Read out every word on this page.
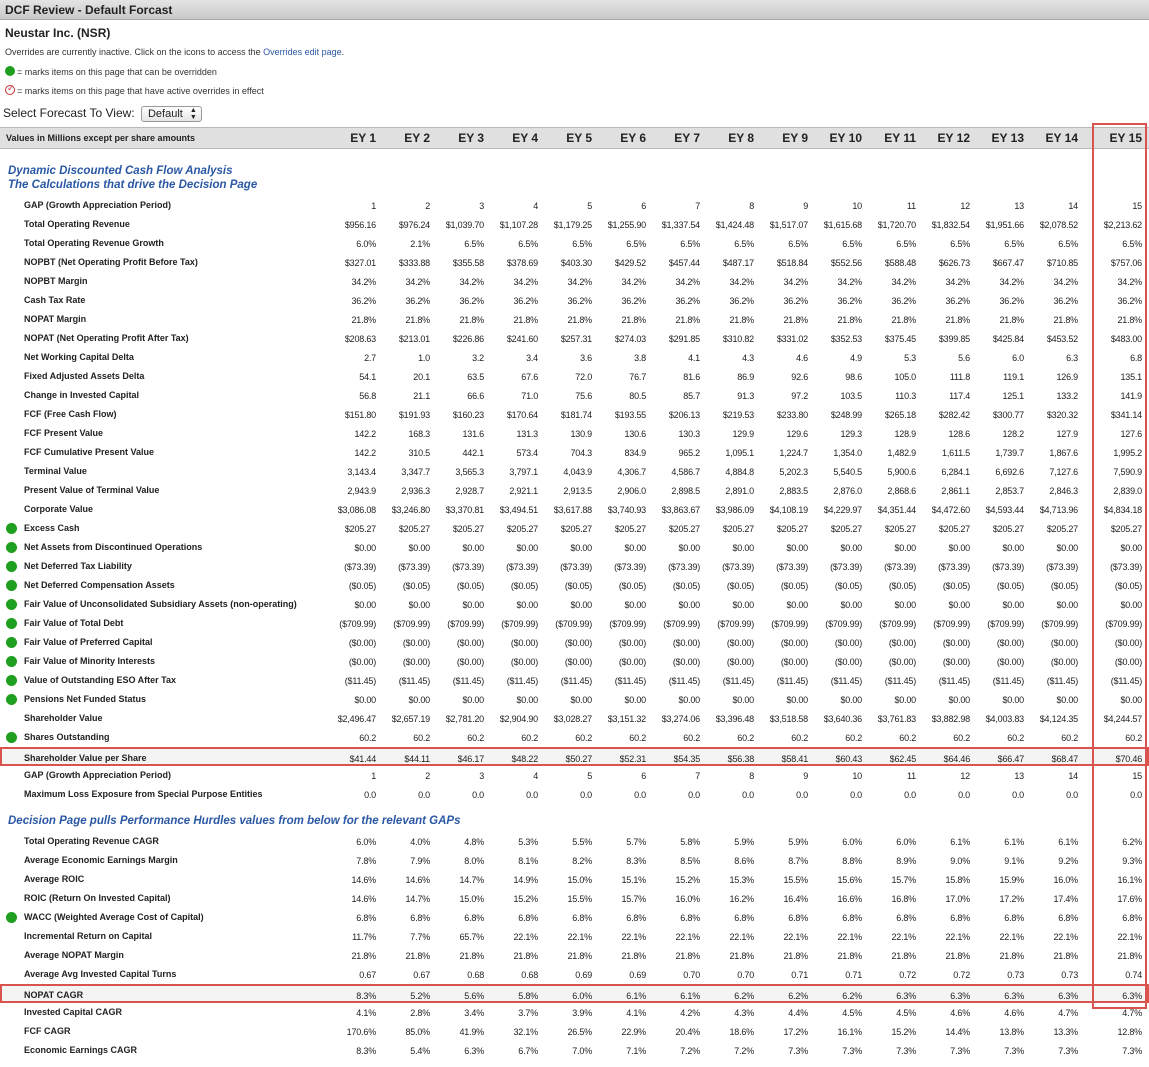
DCF Review - Default Forcast
Neustar Inc. (NSR)
Overrides are currently inactive. Click on the icons to access the Overrides edit page.
= marks items on this page that can be overridden
✓= marks items on this page that have active overrides in effect
Select Forecast To View: Default ▲
▼
Values in Millions except per share amounts	EY 1	EY 2	EY 3	EY 4	EY 5	EY 6	EY 7	EY 8	EY 9	EY 10	EY 11	EY 12	EY 13	EY 14	EY 15
Dynamic Discounted Cash Flow Analysis
The Calculations that drive the Decision Page
Decision Page pulls Performance Hurdles values from below for the relevant GAPs
GAP (Growth Appreciation Period)	1	2	3	4	5	6	7	8	9	10	11	12	13	14	15
Total Operating Revenue	$956.16	$976.24	$1,039.70	$1,107.28	$1,179.25	$1,255.90	$1,337.54	$1,424.48	$1,517.07	$1,615.68	$1,720.70	$1,832.54	$1,951.66	$2,078.52	$2,213.62
Total Operating Revenue Growth	6.0%	2.1%	6.5%	6.5%	6.5%	6.5%	6.5%	6.5%	6.5%	6.5%	6.5%	6.5%	6.5%	6.5%	6.5%
NOPBT (Net Operating Profit Before Tax)	$327.01	$333.88	$355.58	$378.69	$403.30	$429.52	$457.44	$487.17	$518.84	$552.56	$588.48	$626.73	$667.47	$710.85	$757.06
NOPBT Margin	34.2%	34.2%	34.2%	34.2%	34.2%	34.2%	34.2%	34.2%	34.2%	34.2%	34.2%	34.2%	34.2%	34.2%	34.2%
Cash Tax Rate	36.2%	36.2%	36.2%	36.2%	36.2%	36.2%	36.2%	36.2%	36.2%	36.2%	36.2%	36.2%	36.2%	36.2%	36.2%
NOPAT Margin	21.8%	21.8%	21.8%	21.8%	21.8%	21.8%	21.8%	21.8%	21.8%	21.8%	21.8%	21.8%	21.8%	21.8%	21.8%
NOPAT (Net Operating Profit After Tax)	$208.63	$213.01	$226.86	$241.60	$257.31	$274.03	$291.85	$310.82	$331.02	$352.53	$375.45	$399.85	$425.84	$453.52	$483.00
Net Working Capital Delta	2.7	1.0	3.2	3.4	3.6	3.8	4.1	4.3	4.6	4.9	5.3	5.6	6.0	6.3	6.8
Fixed Adjusted Assets Delta	54.1	20.1	63.5	67.6	72.0	76.7	81.6	86.9	92.6	98.6	105.0	111.8	119.1	126.9	135.1
Change in Invested Capital	56.8	21.1	66.6	71.0	75.6	80.5	85.7	91.3	97.2	103.5	110.3	117.4	125.1	133.2	141.9
FCF (Free Cash Flow)	$151.80	$191.93	$160.23	$170.64	$181.74	$193.55	$206.13	$219.53	$233.80	$248.99	$265.18	$282.42	$300.77	$320.32	$341.14
FCF Present Value	142.2	168.3	131.6	131.3	130.9	130.6	130.3	129.9	129.6	129.3	128.9	128.6	128.2	127.9	127.6
FCF Cumulative Present Value	142.2	310.5	442.1	573.4	704.3	834.9	965.2	1,095.1	1,224.7	1,354.0	1,482.9	1,611.5	1,739.7	1,867.6	1,995.2
Terminal Value	3,143.4	3,347.7	3,565.3	3,797.1	4,043.9	4,306.7	4,586.7	4,884.8	5,202.3	5,540.5	5,900.6	6,284.1	6,692.6	7,127.6	7,590.9
Present Value of Terminal Value	2,943.9	2,936.3	2,928.7	2,921.1	2,913.5	2,906.0	2,898.5	2,891.0	2,883.5	2,876.0	2,868.6	2,861.1	2,853.7	2,846.3	2,839.0
Corporate Value	$3,086.08	$3,246.80	$3,370.81	$3,494.51	$3,617.88	$3,740.93	$3,863.67	$3,986.09	$4,108.19	$4,229.97	$4,351.44	$4,472.60	$4,593.44	$4,713.96	$4,834.18
Excess Cash	$205.27	$205.27	$205.27	$205.27	$205.27	$205.27	$205.27	$205.27	$205.27	$205.27	$205.27	$205.27	$205.27	$205.27	$205.27
Net Assets from Discontinued Operations	$0.00	$0.00	$0.00	$0.00	$0.00	$0.00	$0.00	$0.00	$0.00	$0.00	$0.00	$0.00	$0.00	$0.00	$0.00
Net Deferred Tax Liability	($73.39)	($73.39)	($73.39)	($73.39)	($73.39)	($73.39)	($73.39)	($73.39)	($73.39)	($73.39)	($73.39)	($73.39)	($73.39)	($73.39)	($73.39)
Net Deferred Compensation Assets	($0.05)	($0.05)	($0.05)	($0.05)	($0.05)	($0.05)	($0.05)	($0.05)	($0.05)	($0.05)	($0.05)	($0.05)	($0.05)	($0.05)	($0.05)
Fair Value of Unconsolidated Subsidiary Assets (non-operating)	$0.00	$0.00	$0.00	$0.00	$0.00	$0.00	$0.00	$0.00	$0.00	$0.00	$0.00	$0.00	$0.00	$0.00	$0.00
Fair Value of Total Debt	($709.99)	($709.99)	($709.99)	($709.99)	($709.99)	($709.99)	($709.99)	($709.99)	($709.99)	($709.99)	($709.99)	($709.99)	($709.99)	($709.99)	($709.99)
Fair Value of Preferred Capital	($0.00)	($0.00)	($0.00)	($0.00)	($0.00)	($0.00)	($0.00)	($0.00)	($0.00)	($0.00)	($0.00)	($0.00)	($0.00)	($0.00)	($0.00)
Fair Value of Minority Interests	($0.00)	($0.00)	($0.00)	($0.00)	($0.00)	($0.00)	($0.00)	($0.00)	($0.00)	($0.00)	($0.00)	($0.00)	($0.00)	($0.00)	($0.00)
Value of Outstanding ESO After Tax	($11.45)	($11.45)	($11.45)	($11.45)	($11.45)	($11.45)	($11.45)	($11.45)	($11.45)	($11.45)	($11.45)	($11.45)	($11.45)	($11.45)	($11.45)
Pensions Net Funded Status	$0.00	$0.00	$0.00	$0.00	$0.00	$0.00	$0.00	$0.00	$0.00	$0.00	$0.00	$0.00	$0.00	$0.00	$0.00
Shareholder Value	$2,496.47	$2,657.19	$2,781.20	$2,904.90	$3,028.27	$3,151.32	$3,274.06	$3,396.48	$3,518.58	$3,640.36	$3,761.83	$3,882.98	$4,003.83	$4,124.35	$4,244.57
Shares Outstanding	60.2	60.2	60.2	60.2	60.2	60.2	60.2	60.2	60.2	60.2	60.2	60.2	60.2	60.2	60.2
Shareholder Value per Share	$41.44	$44.11	$46.17	$48.22	$50.27	$52.31	$54.35	$56.38	$58.41	$60.43	$62.45	$64.46	$66.47	$68.47	$70.46
GAP (Growth Appreciation Period)	1	2	3	4	5	6	7	8	9	10	11	12	13	14	15
Maximum Loss Exposure from Special Purpose Entities	0.0	0.0	0.0	0.0	0.0	0.0	0.0	0.0	0.0	0.0	0.0	0.0	0.0	0.0	0.0
Total Operating Revenue CAGR	6.0%	4.0%	4.8%	5.3%	5.5%	5.7%	5.8%	5.9%	5.9%	6.0%	6.0%	6.1%	6.1%	6.1%	6.2%
Average Economic Earnings Margin	7.8%	7.9%	8.0%	8.1%	8.2%	8.3%	8.5%	8.6%	8.7%	8.8%	8.9%	9.0%	9.1%	9.2%	9.3%
Average ROIC	14.6%	14.6%	14.7%	14.9%	15.0%	15.1%	15.2%	15.3%	15.5%	15.6%	15.7%	15.8%	15.9%	16.0%	16.1%
ROIC (Return On Invested Capital)	14.6%	14.7%	15.0%	15.2%	15.5%	15.7%	16.0%	16.2%	16.4%	16.6%	16.8%	17.0%	17.2%	17.4%	17.6%
WACC (Weighted Average Cost of Capital)	6.8%	6.8%	6.8%	6.8%	6.8%	6.8%	6.8%	6.8%	6.8%	6.8%	6.8%	6.8%	6.8%	6.8%	6.8%
Incremental Return on Capital	11.7%	7.7%	65.7%	22.1%	22.1%	22.1%	22.1%	22.1%	22.1%	22.1%	22.1%	22.1%	22.1%	22.1%	22.1%
Average NOPAT Margin	21.8%	21.8%	21.8%	21.8%	21.8%	21.8%	21.8%	21.8%	21.8%	21.8%	21.8%	21.8%	21.8%	21.8%	21.8%
Average Avg Invested Capital Turns	0.67	0.67	0.68	0.68	0.69	0.69	0.70	0.70	0.71	0.71	0.72	0.72	0.73	0.73	0.74
NOPAT CAGR	8.3%	5.2%	5.6%	5.8%	6.0%	6.1%	6.1%	6.2%	6.2%	6.2%	6.3%	6.3%	6.3%	6.3%	6.3%
Invested Capital CAGR	4.1%	2.8%	3.4%	3.7%	3.9%	4.1%	4.2%	4.3%	4.4%	4.5%	4.5%	4.6%	4.6%	4.7%	4.7%
FCF CAGR	170.6%	85.0%	41.9%	32.1%	26.5%	22.9%	20.4%	18.6%	17.2%	16.1%	15.2%	14.4%	13.8%	13.3%	12.8%
Economic Earnings CAGR	8.3%	5.4%	6.3%	6.7%	7.0%	7.1%	7.2%	7.2%	7.3%	7.3%	7.3%	7.3%	7.3%	7.3%	7.3%
